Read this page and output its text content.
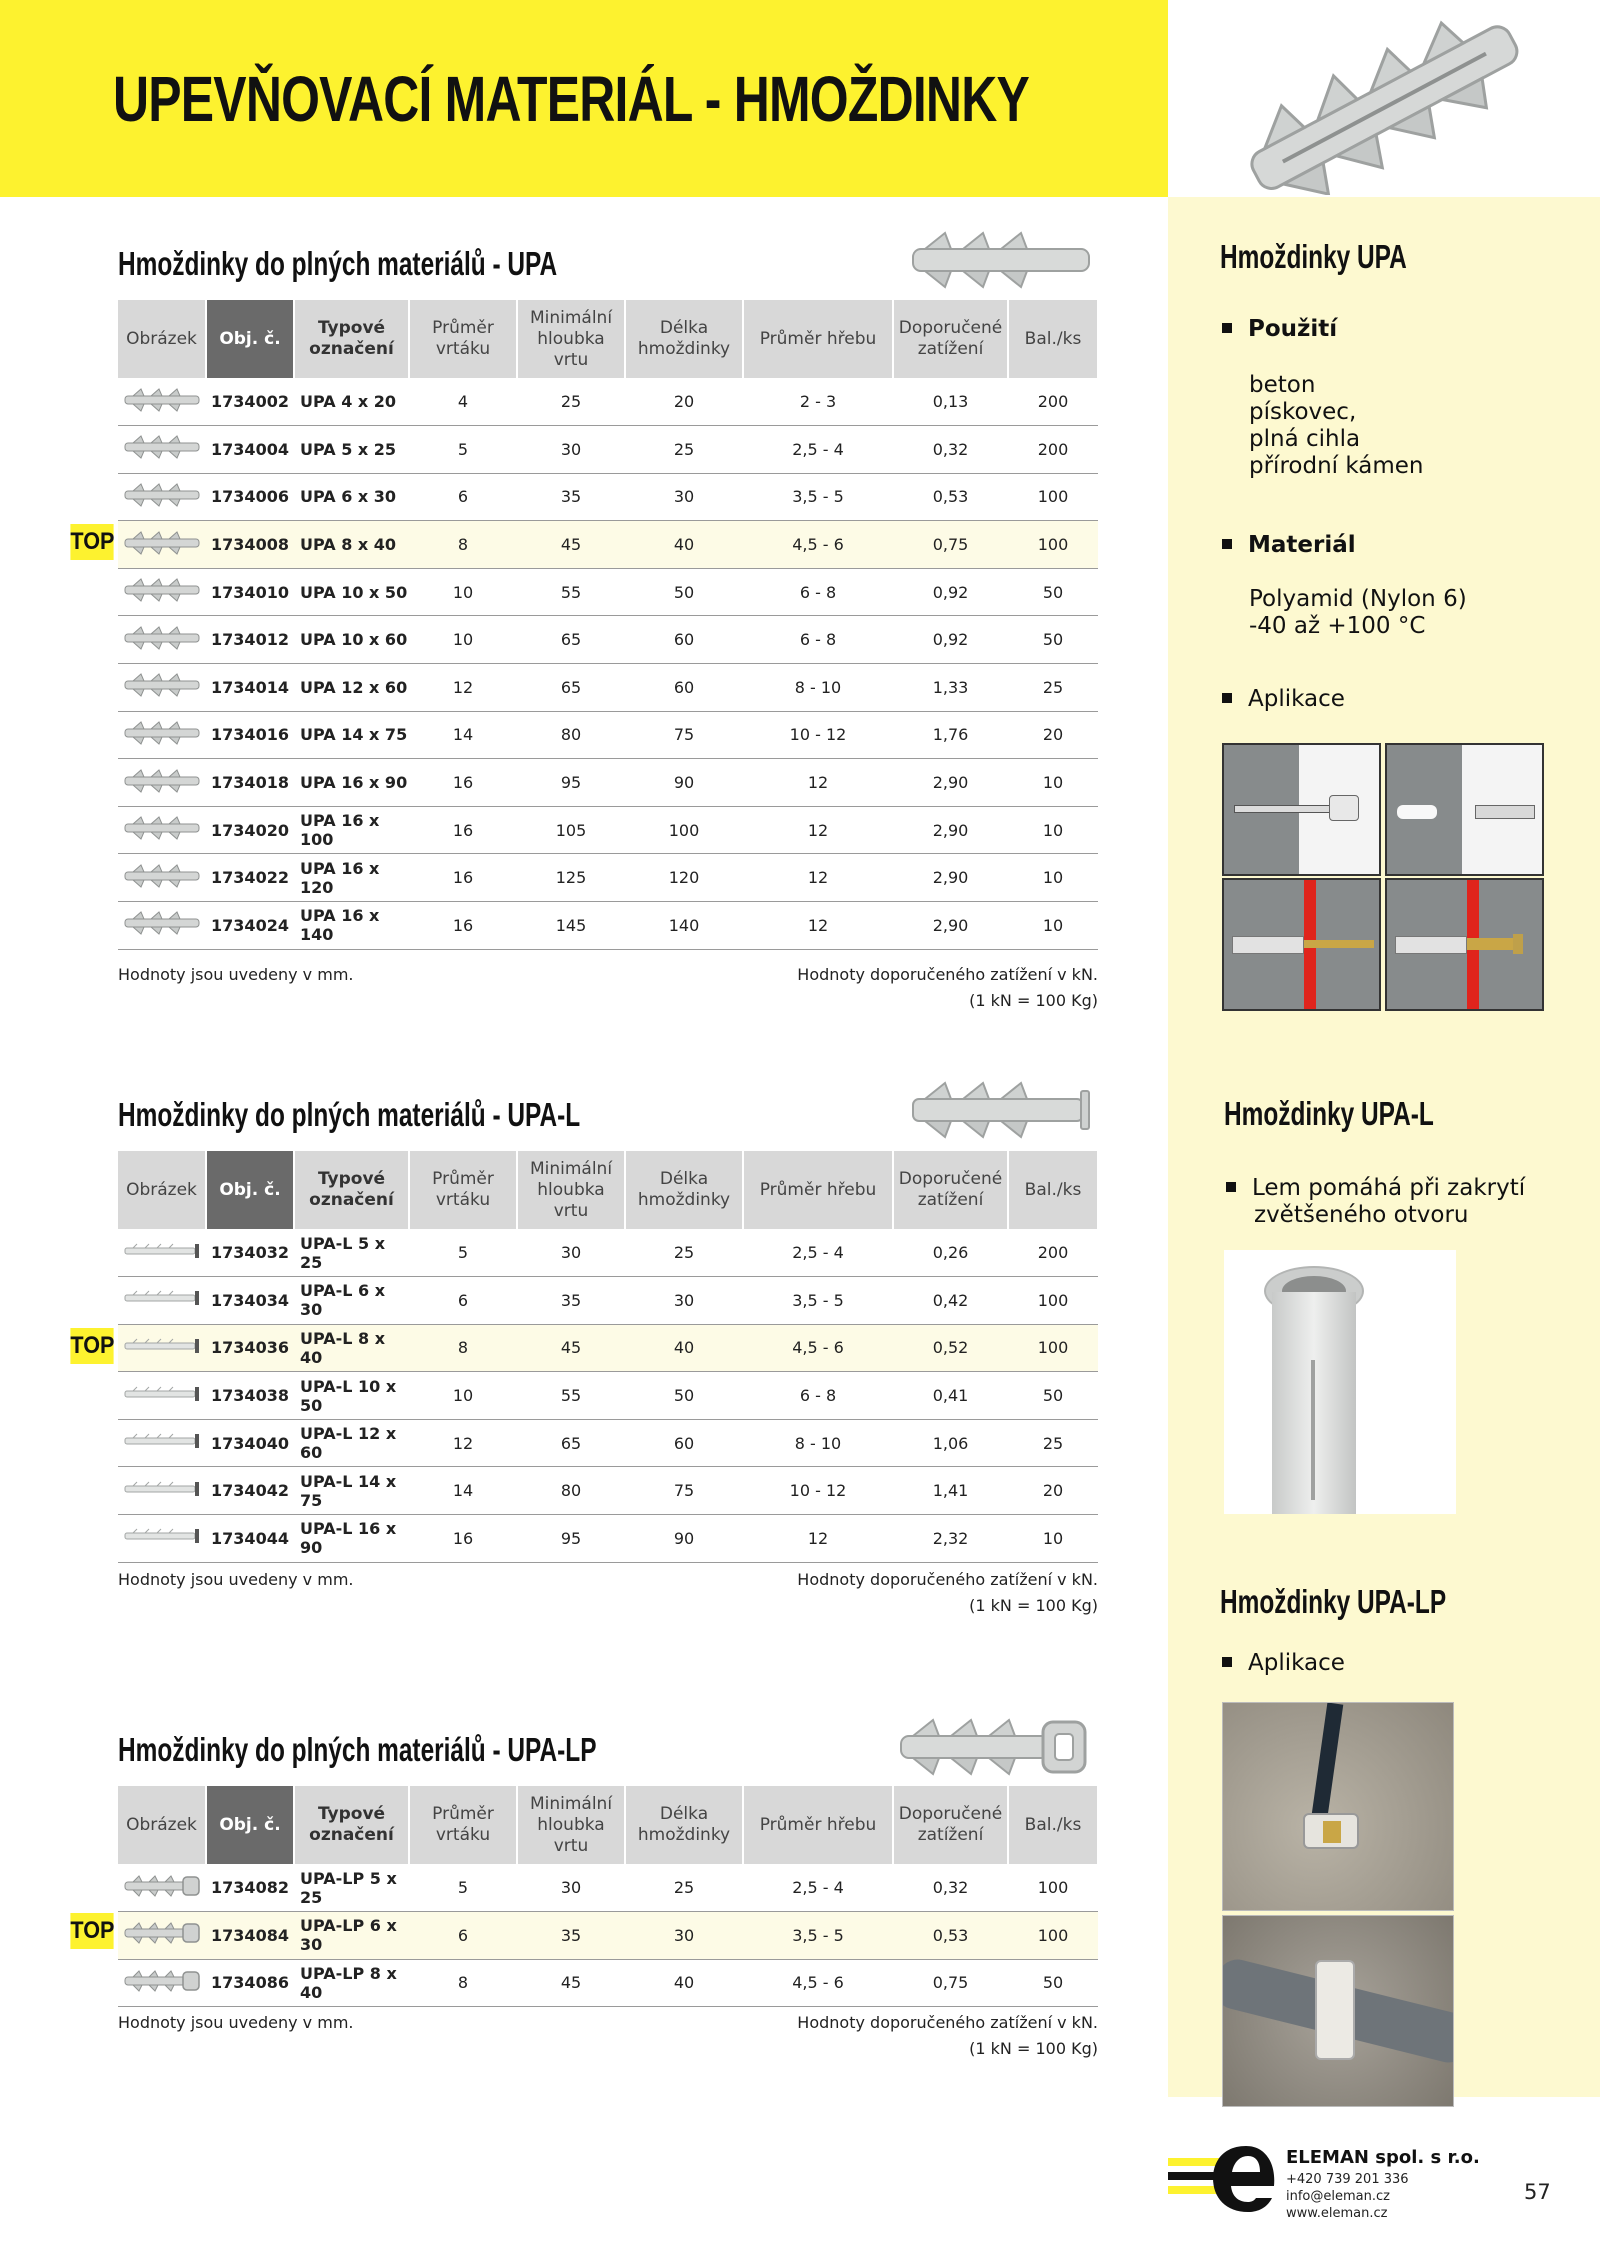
UPEVŇOVACÍ MATERIÁL - HMOŽDINKY
Hmoždinky UPA
Použití
beton
pískovec,
plná cihla
přírodní kámen
Materiál
Polyamid (Nylon 6)
-40 až +100 °C
Aplikace
Hmoždinky UPA-L
Lem pomáhá při zakrytí
zvětšeného otvoru
Hmoždinky UPA-LP
Aplikace
Hmoždinky do plných materiálů - UPA
Obrázek	Obj. č.	Typové označení	Průměr vrtáku	Minimální hloubka vrtu	Délka hmoždinky	Průměr hřebu	Doporučené zatížení	Bal./ks
	1734002	UPA 4 x 20	4	25	20	2 - 3	0,13	200
	1734004	UPA 5 x 25	5	30	25	2,5 - 4	0,32	200
	1734006	UPA 6 x 30	6	35	30	3,5 - 5	0,53	100
	1734008	UPA 8 x 40	8	45	40	4,5 - 6	0,75	100
	1734010	UPA 10 x 50	10	55	50	6 - 8	0,92	50
	1734012	UPA 10 x 60	10	65	60	6 - 8	0,92	50
	1734014	UPA 12 x 60	12	65	60	8 - 10	1,33	25
	1734016	UPA 14 x 75	14	80	75	10 - 12	1,76	20
	1734018	UPA 16 x 90	16	95	90	12	2,90	10
	1734020	UPA 16 x 100	16	105	100	12	2,90	10
	1734022	UPA 16 x 120	16	125	120	12	2,90	10
	1734024	UPA 16 x 140	16	145	140	12	2,90	10
TOP
Hodnoty jsou uvedeny v mm.	Hodnoty doporučeného zatížení v kN.
(1 kN = 100 Kg)
Hmoždinky do plných materiálů - UPA-L
Obrázek	Obj. č.	Typové označení	Průměr vrtáku	Minimální hloubka vrtu	Délka hmoždinky	Průměr hřebu	Doporučené zatížení	Bal./ks
	1734032	UPA-L 5 x 25	5	30	25	2,5 - 4	0,26	200
	1734034	UPA-L 6 x 30	6	35	30	3,5 - 5	0,42	100
	1734036	UPA-L 8 x 40	8	45	40	4,5 - 6	0,52	100
	1734038	UPA-L 10 x 50	10	55	50	6 - 8	0,41	50
	1734040	UPA-L 12 x 60	12	65	60	8 - 10	1,06	25
	1734042	UPA-L 14 x 75	14	80	75	10 - 12	1,41	20
	1734044	UPA-L 16 x 90	16	95	90	12	2,32	10
TOP
Hodnoty jsou uvedeny v mm.	Hodnoty doporučeného zatížení v kN.
(1 kN = 100 Kg)
Hmoždinky do plných materiálů - UPA-LP
Obrázek	Obj. č.	Typové označení	Průměr vrtáku	Minimální hloubka vrtu	Délka hmoždinky	Průměr hřebu	Doporučené zatížení	Bal./ks
	1734082	UPA-LP 5 x 25	5	30	25	2,5 - 4	0,32	100
	1734084	UPA-LP 6 x 30	6	35	30	3,5 - 5	0,53	100
	1734086	UPA-LP 8 x 40	8	45	40	4,5 - 6	0,75	50
TOP
Hodnoty jsou uvedeny v mm.	Hodnoty doporučeného zatížení v kN.
(1 kN = 100 Kg)
ELEMAN spol. s r.o.
+420 739 201 336
info@eleman.cz
www.eleman.cz
57
